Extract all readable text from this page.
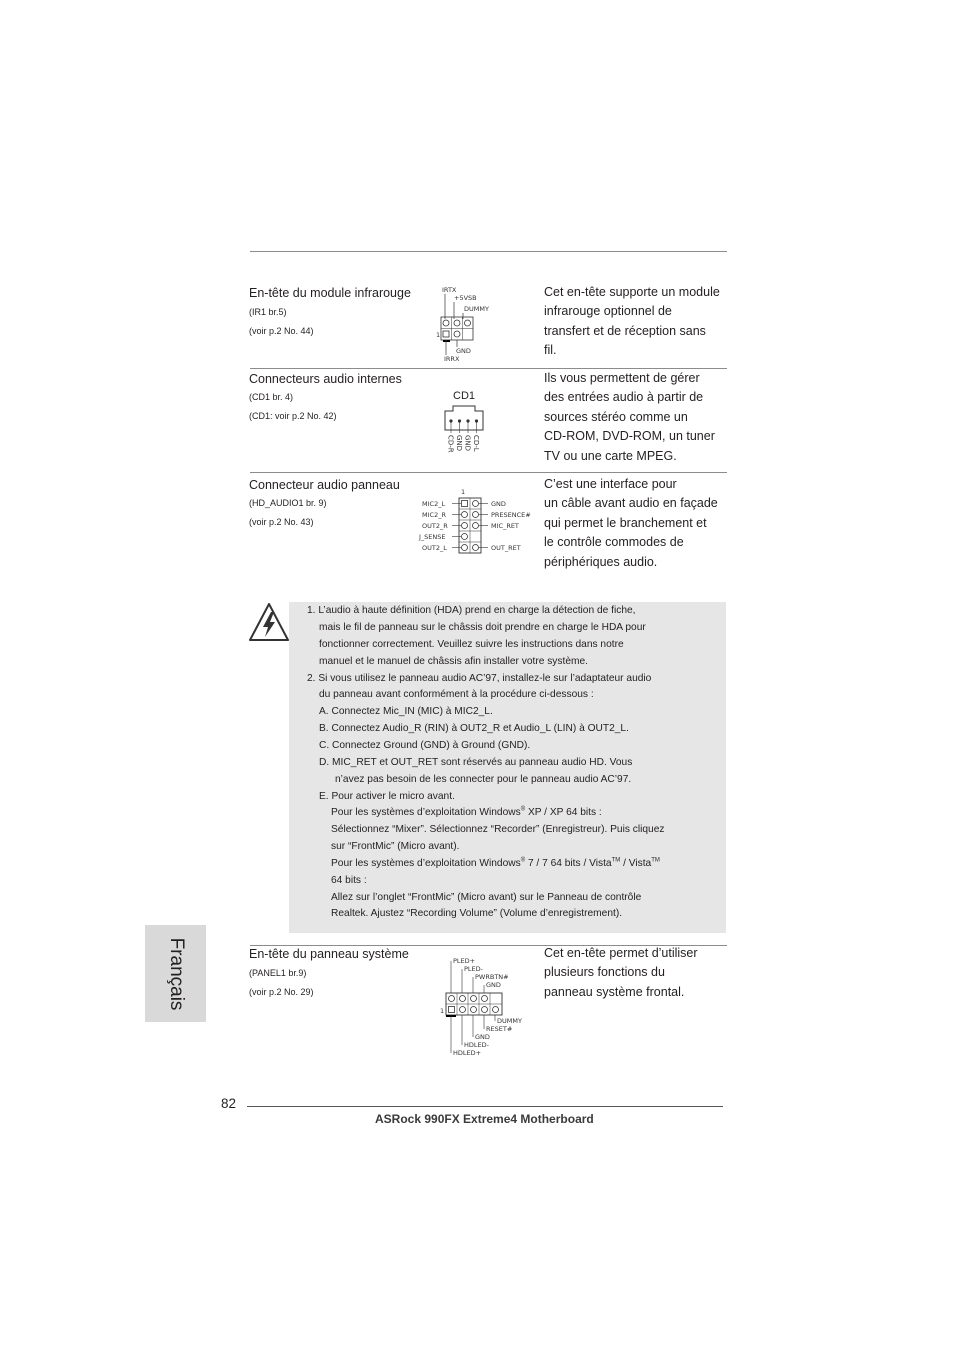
En-tête du module infrarouge
(IR1 br.5)
(voir p.2 No. 44)
IRTX
+5VSB
DUMMY
1
GND
IRRX
Cet en-tête supporte un module
infrarouge optionnel de
transfert et de réception sans
fil.
Connecteurs audio internes
(CD1 br. 4)
(CD1: voir p.2 No. 42)
CD1
CD-L
GND
GND
CD-R
Ils vous permettent de gérer
des entrées audio à partir de
sources stéréo comme un
CD-ROM, DVD-ROM, un tuner
TV ou une carte MPEG.
Connecteur audio panneau
(HD_AUDIO1 br. 9)
(voir p.2 No. 43)
1
MIC2_L
MIC2_R
OUT2_R
J_SENSE
OUT2_L
GND
PRESENCE#
MIC_RET
OUT_RET
C’est une interface pour
un câble avant audio en façade
qui permet le branchement et
le contrôle commodes de
périphériques audio.
1. L’audio à haute définition (HDA) prend en charge la détection de fiche,
mais le fil de panneau sur le châssis doit prendre en charge le HDA pour
fonctionner correctement. Veuillez suivre les instructions dans notre
manuel et le manuel de châssis afin installer votre système.
2. Si vous utilisez le panneau audio AC’97, installez-le sur l’adaptateur audio
du panneau avant conformément à la procédure ci-dessous :
A. Connectez Mic_IN (MIC) à MIC2_L.
B. Connectez Audio_R (RIN) à OUT2_R et Audio_L (LIN) à OUT2_L.
C. Connectez Ground (GND) à Ground (GND).
D. MIC_RET et OUT_RET sont réservés au panneau audio HD. Vous
n’avez pas besoin de les connecter pour le panneau audio AC’97.
E. Pour activer le micro avant.
Pour les systèmes d’exploitation Windows® XP / XP 64 bits :
Sélectionnez “Mixer”. Sélectionnez “Recorder” (Enregistreur). Puis cliquez
sur “FrontMic” (Micro avant).
Pour les systèmes d’exploitation Windows® 7 / 7 64 bits / Vista™ / Vista™
64 bits :
Allez sur l’onglet “FrontMic” (Micro avant) sur le Panneau de contrôle
Realtek. Ajustez “Recording Volume” (Volume d’enregistrement).
Français	En-tête du panneau système
(PANEL1 br.9)
(voir p.2 No. 29)
PLED+
PLED-
PWRBTN#
GND
1
DUMMY
RESET#
GND
HDLED-
HDLED+
Cet en-tête permet d’utiliser
plusieurs fonctions du
panneau système frontal.
82
ASRock 990FX Extreme4 Motherboard
